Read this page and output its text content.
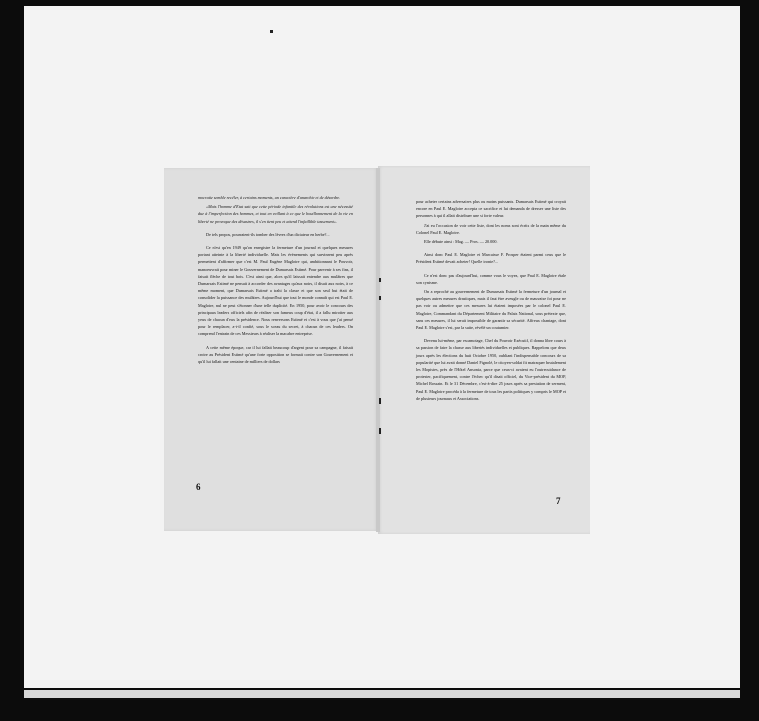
mocratie semble recéler, à certains moments, un caractère d'anarchie et de désordre.

«Mais l'homme d'Etat sait que cette période infantile des révolutions est une nécessité due à l'imperfection des hommes, et tout en veillant à ce que le bouillonnement de la vie en liberté ne provoque des désastres, il s'en tient peu et attend l'infaillible tassement».

De tels propos, pourraient-ils tomber des lèvres d'un dictateur en herbe?...

Ce n'est qu'en 1949 qu'on enregistre la fermeture d'un journal et quelques mesures portant atteinte à la liberté individuelle. Mais les évènements qui survinrent peu après permettent d'affirmer que c'est M. Paul Eugène Magloire qui, ambitionnant le Pouvoir, manoeuvrait pour miner le Gouvernement de Dumarsais Estimé. Pour parvenir à ses fins, il faisait flèche de tout bois. C'est ainsi que, alors qu'il laissait entendre aux mulâtres que Dumarsais Estimé ne pensait à accorder des avantages qu'aux noirs, il disait aux noirs, à ce même moment, que Dumarsais Estimé a trahi la classe et que son seul but était de consolider la puissance des mulâtres. Aujourd'hui que tout le monde connaît qui est Paul E. Magloire, nul ne peut s'étonner d'une telle duplicité. En 1950, pour avoir le concours des principaux leaders officiels afin de réaliser son fameux coup d'état, il a fallu miroiter aux yeux de chacun d'eux la présidence. Nous renversons Estimé et c'est à vous que j'ai pensé pour le remplacer, a-t-il confié, sous le sceau du secret, à chacun de ces leaders. On comprend l'entrain de ces Messieurs à réaliser la macabre entreprise.

A cette même époque, car il lui fallait beaucoup d'argent pour sa campagne, il faisait croire au Président Estimé qu'une forte opposition se formait contre son Gouvernement et qu'il lui fallait une centaine de milliers de dollars

6

pour acheter certains adversaires plus ou moins puissants. Dumarsais Estimé qui croyait encore en Paul E. Magloire accepta ce sacrifice et lui demanda de dresser une liste des personnes à qui il allait distribuer une si forte valeur.

J'ai eu l'occasion de voir cette liste, dont les noms sont écrits de la main même du Colonel Paul E. Magloire.

Elle débute ainsi : Mag. — Pros. — 20.000.

Ainsi donc Paul E. Magloire et Marcaisse F. Prosper étaient parmi ceux que le Président Estimé devait acheter! Quelle ironie?...

Ce n'est donc pas d'aujourd'hui, comme vous le voyez, que Paul E. Magloire étale son cynisme.

On a reproché au gouvernement de Dumarsais Estimé la fermeture d'un journal et quelques autres mesures drastiques, mais il faut être aveugle ou de mauvaise foi pour ne pas voir ou admettre que ces mesures lui étaient imposées par le colonel Paul E. Magloire, Commandant du Département Militaire du Palais National, sous prétexte que, sans ces mesures, il lui serait impossible de garantir sa sécurité. Affreux chantage, dont Paul E. Magloire s'est, par la suite, révélé un coutumier.

Devenu lui-même, par escamotage, Chef du Pouvoir Exécutif, il donna libre cours à sa passion de faire la chasse aux libertés individuelles et publiques. Rappelons que deux jours après les élections du huit Octobre 1950, oubliant l'indispensable concours de sa popularité que lui avait donné Daniel Fignolé, le citoyen-soldat fit matraquer brutalement les Mopistes, près de l'Hôtel Ansonia, parce que ceux-ci avaient eu l'outrecuidance de protester, pacifiquement, contre l'échec qu'il disait officiel, du Vice-président du MOP, Michel Rossain. Et le 31 Décembre, c'est-à-dire 25 jours après sa prestation de serment, Paul E. Magloire procéda à la fermeture de tous les partis politiques y compris le MOP et de plusieurs journaux et Associations.

7
